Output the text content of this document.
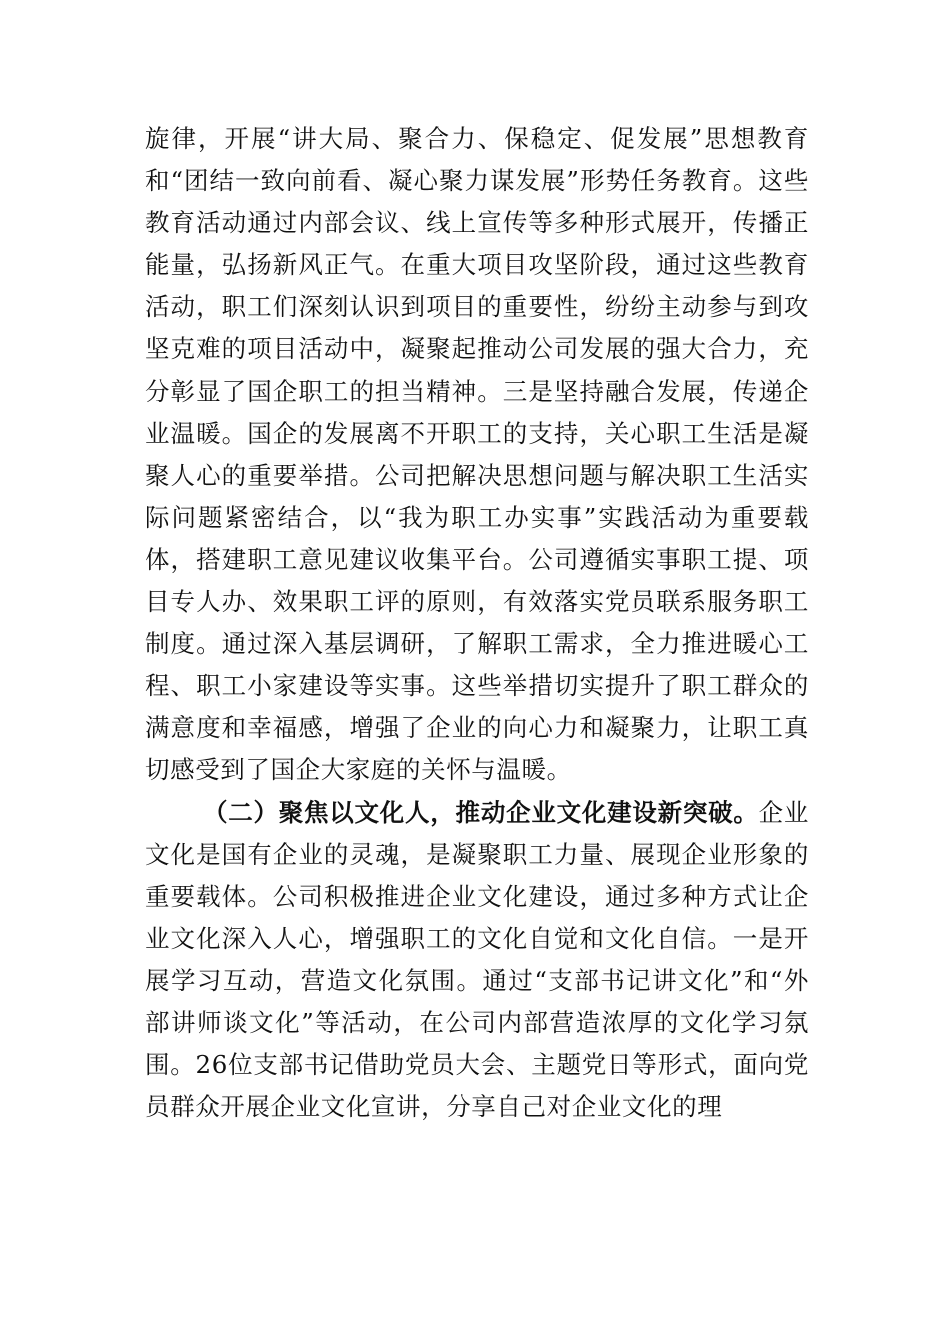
旋律，开展“讲大局、聚合力、保稳定、促发展”思想教育和“团结一致向前看、凝心聚力谋发展”形势任务教育。这些教育活动通过内部会议、线上宣传等多种形式展开，传播正能量，弘扬新风正气。在重大项目攻坚阶段，通过这些教育活动，职工们深刻认识到项目的重要性，纷纷主动参与到攻坚克难的项目活动中，凝聚起推动公司发展的强大合力，充分彰显了国企职工的担当精神。三是坚持融合发展，传递企业温暖。国企的发展离不开职工的支持，关心职工生活是凝聚人心的重要举措。公司把解决思想问题与解决职工生活实际问题紧密结合，以“我为职工办实事”实践活动为重要载体，搭建职工意见建议收集平台。公司遵循实事职工提、项目专人办、效果职工评的原则，有效落实党员联系服务职工制度。通过深入基层调研，了解职工需求，全力推进暖心工程、职工小家建设等实事。这些举措切实提升了职工群众的满意度和幸福感，增强了企业的向心力和凝聚力，让职工真切感受到了国企大家庭的关怀与温暖。

（二）聚焦以文化人，推动企业文化建设新突破。企业文化是国有企业的灵魂，是凝聚职工力量、展现企业形象的重要载体。公司积极推进企业文化建设，通过多种方式让企业文化深入人心，增强职工的文化自觉和文化自信。一是开展学习互动，营造文化氛围。通过“支部书记讲文化”和“外部讲师谈文化”等活动，在公司内部营造浓厚的文化学习氛围。26位支部书记借助党员大会、主题党日等形式，面向党员群众开展企业文化宣讲，分享自己对企业文化的理
